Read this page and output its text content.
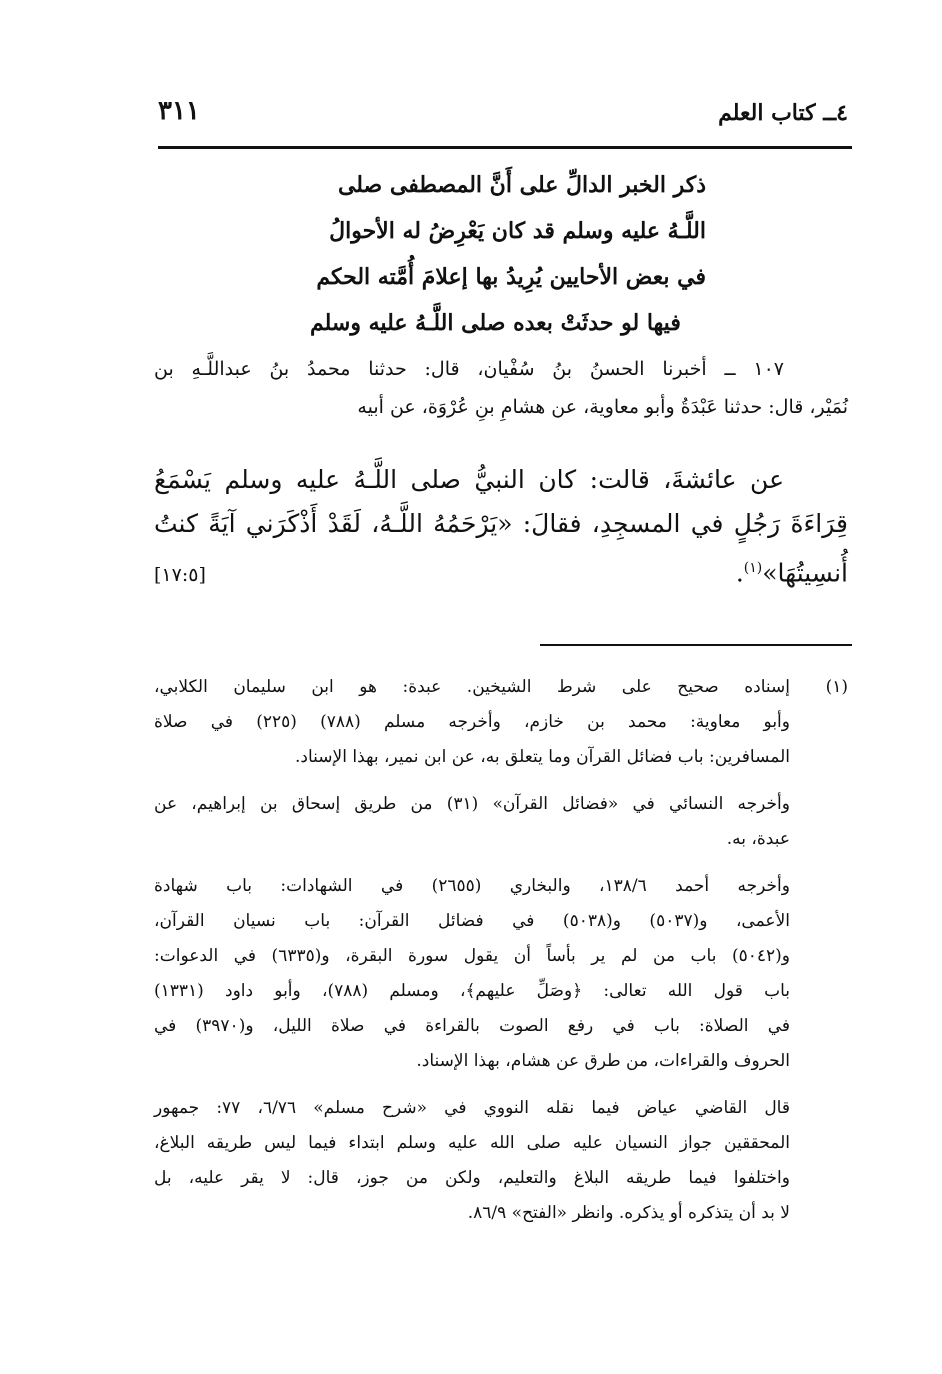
٤ــ كتاب العلم
٣١١
ذكر الخبر الدالِّ على أَنَّ المصطفى صلى
اللَّـهُ عليه وسلم قد كان يَعْرِضُ له الأحوالُ
في بعض الأحايين يُرِيدُ بها إعلامَ أُمَّته الحكم
فيها لو حدثَتْ بعده صلى اللَّـهُ عليه وسلم
١٠٧ ــ أخبرنا الحسنُ بنُ سُفْيان، قال: حدثنا محمدُ بنُ عبداللَّـهِ بن
نُمَيْر، قال: حدثنا عَبْدَةُ وأبو معاوية، عن هشامِ بنِ عُرْوَة، عن أبيه
عن عائشةَ، قالت: كان النبيُّ صلى اللَّـهُ عليه وسلم يَسْمَعُ
قِرَاءَةَ رَجُلٍ في المسجِدِ، فقالَ: «يَرْحَمُهُ اللَّـهُ، لَقَدْ أَذْكَرَني آيَةً كنتُ
أُنسِيتُهَا»$^{(١)}$.
[١٧:٥]
(١)إسناده صحيح على شرط الشيخين. عبدة: هو ابن سليمان الكلابي،
وأبو معاوية: محمد بن خازم، وأخرجه مسلم (٧٨٨) (٢٢٥) في صلاة
المسافرين: باب فضائل القرآن وما يتعلق به، عن ابن نمير، بهذا الإسناد.
وأخرجه النسائي في «فضائل القرآن» (٣١) من طريق إسحاق بن إبراهيم، عن
عبدة، به.
وأخرجه أحمد ١٣٨/٦، والبخاري (٢٦٥٥) في الشهادات: باب شهادة
الأعمى، و(٥٠٣٧) و(٥٠٣٨) في فضائل القرآن: باب نسيان القرآن،
و(٥٠٤٢) باب من لم ير بأساً أن يقول سورة البقرة، و(٦٣٣٥) في الدعوات:
باب قول الله تعالى: ﴿وصَلِّ عليهم﴾، ومسلم (٧٨٨)، وأبو داود (١٣٣١)
في الصلاة: باب في رفع الصوت بالقراءة في صلاة الليل، و(٣٩٧٠) في
الحروف والقراءات، من طرق عن هشام، بهذا الإسناد.
قال القاضي عياض فيما نقله النووي في «شرح مسلم» ٦/٧٦، ٧٧: جمهور
المحققين جواز النسيان عليه صلى الله عليه وسلم ابتداء فيما ليس طريقه البلاغ،
واختلفوا فيما طريقه البلاغ والتعليم، ولكن من جوز، قال: لا يقر عليه، بل
لا بد أن يتذكره أو يذكره. وانظر «الفتح» ٨٦/٩.
